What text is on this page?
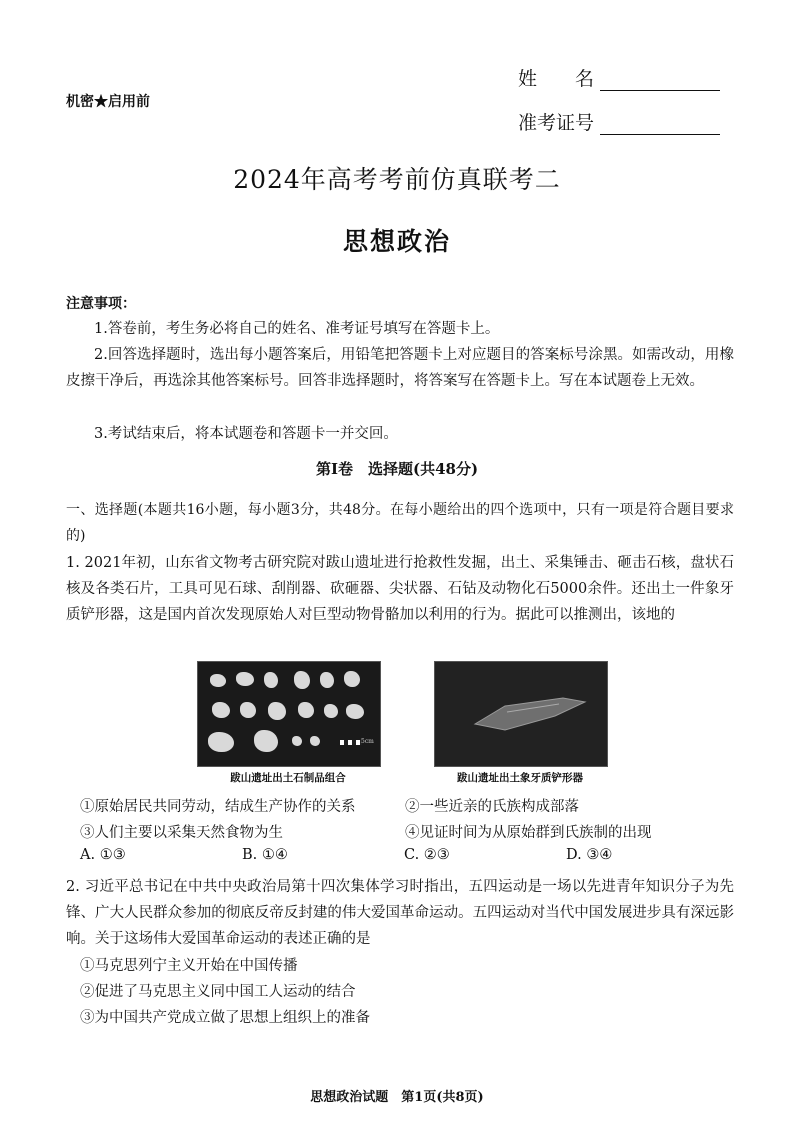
姓　　名
准考证号
机密★启用前
2024年高考考前仿真联考二
思想政治
注意事项：
1.答卷前，考生务必将自己的姓名、准考证号填写在答题卡上。
2.回答选择题时，选出每小题答案后，用铅笔把答题卡上对应题目的答案标号涂黑。如需改动，用橡皮擦干净后，再选涂其他答案标号。回答非选择题时，将答案写在答题卡上。写在本试题卷上无效。
3.考试结束后，将本试题卷和答题卡一并交回。
第Ⅰ卷　选择题(共48分)
一、选择题(本题共16小题，每小题3分，共48分。在每小题给出的四个选项中，只有一项是符合题目要求的)
1. 2021年初，山东省文物考古研究院对跋山遗址进行抢救性发掘，出土、采集锤击、砸击石核，盘状石核及各类石片，工具可见石球、刮削器、砍砸器、尖状器、石钻及动物化石5000余件。还出土一件象牙质铲形器，这是国内首次发现原始人对巨型动物骨骼加以利用的行为。据此可以推测出，该地的
5cm
跋山遗址出土石制品组合	跋山遗址出土象牙质铲形器
①原始居民共同劳动，结成生产协作的关系	②一些近亲的氏族构成部落
③人们主要以采集天然食物为生	④见证时间为从原始群到氏族制的出现
A. ①③	B. ①④	C. ②③	D. ③④
2. 习近平总书记在中共中央政治局第十四次集体学习时指出，五四运动是一场以先进青年知识分子为先锋、广大人民群众参加的彻底反帝反封建的伟大爱国革命运动。五四运动对当代中国发展进步具有深远影响。关于这场伟大爱国革命运动的表述正确的是
①马克思列宁主义开始在中国传播
②促进了马克思主义同中国工人运动的结合
③为中国共产党成立做了思想上组织上的准备
思想政治试题　第1页(共8页)
